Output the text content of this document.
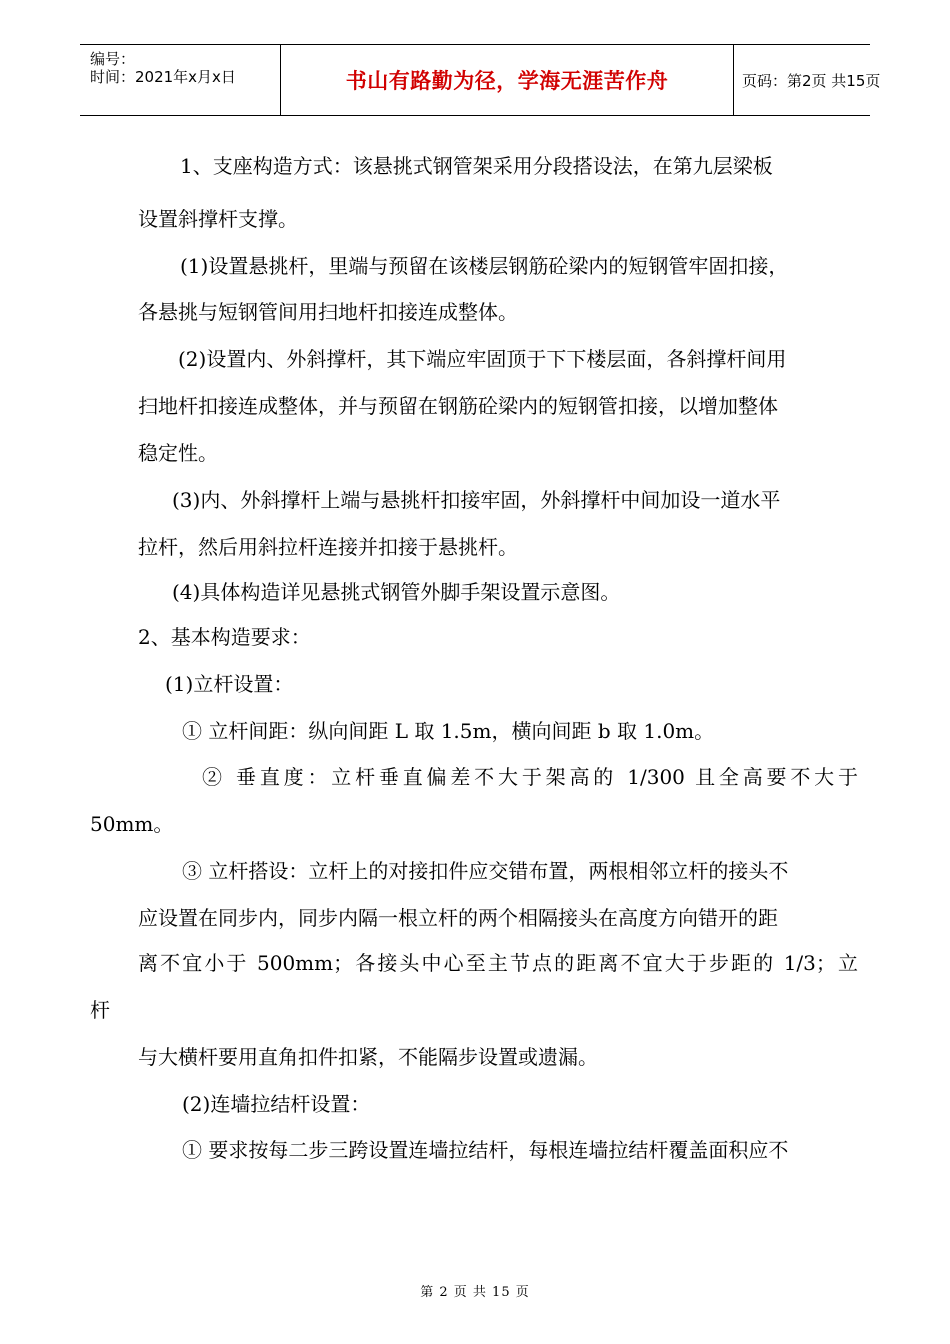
编号：
时间：2021年x月x日	书山有路勤为径，学海无涯苦作舟	页码：第2页 共15页
1、支座构造方式：该悬挑式钢管架采用分段搭设法，在第九层梁板
设置斜撑杆支撑。
(1)设置悬挑杆，里端与预留在该楼层钢筋砼梁内的短钢管牢固扣接，
各悬挑与短钢管间用扫地杆扣接连成整体。
(2)设置内、外斜撑杆，其下端应牢固顶于下下楼层面，各斜撑杆间用
扫地杆扣接连成整体，并与预留在钢筋砼梁内的短钢管扣接，以增加整体
稳定性。
(3)内、外斜撑杆上端与悬挑杆扣接牢固，外斜撑杆中间加设一道水平
拉杆，然后用斜拉杆连接并扣接于悬挑杆。
(4)具体构造详见悬挑式钢管外脚手架设置示意图。
2、基本构造要求：
(1)立杆设置：
① 立杆间距：纵向间距 L 取 1.5m，横向间距 b 取 1.0m。
② 垂直度：立杆垂直偏差不大于架高的 1/300 且全高要不大于
50mm。
③ 立杆搭设：立杆上的对接扣件应交错布置，两根相邻立杆的接头不
应设置在同步内，同步内隔一根立杆的两个相隔接头在高度方向错开的距
离不宜小于 500mm；各接头中心至主节点的距离不宜大于步距的 1/3；立
杆
与大横杆要用直角扣件扣紧，不能隔步设置或遗漏。
(2)连墙拉结杆设置：
① 要求按每二步三跨设置连墙拉结杆，每根连墙拉结杆覆盖面积应不
第 2 页 共 15 页
